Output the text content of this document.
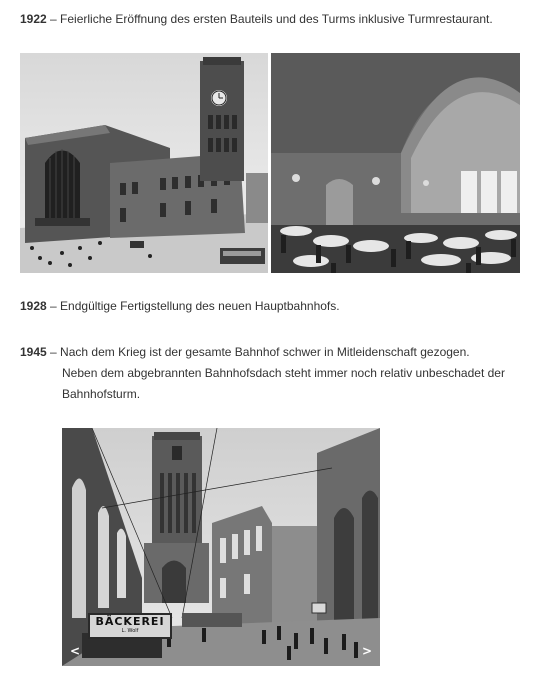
1922 – Feierliche Eröffnung des ersten Bauteils und des Turms inklusive Turmrestaurant.
1928 – Endgültige Fertigstellung des neuen Hauptbahnhofs.
1945 – Nach dem Krieg ist der gesamte Bahnhof schwer in Mitleidenschaft gezogen.
Neben dem abgebrannten Bahnhofsdach steht immer noch relativ unbeschadet der
Bahnhofsturm.
BÄCKEREI
L. Wolf
<	>
